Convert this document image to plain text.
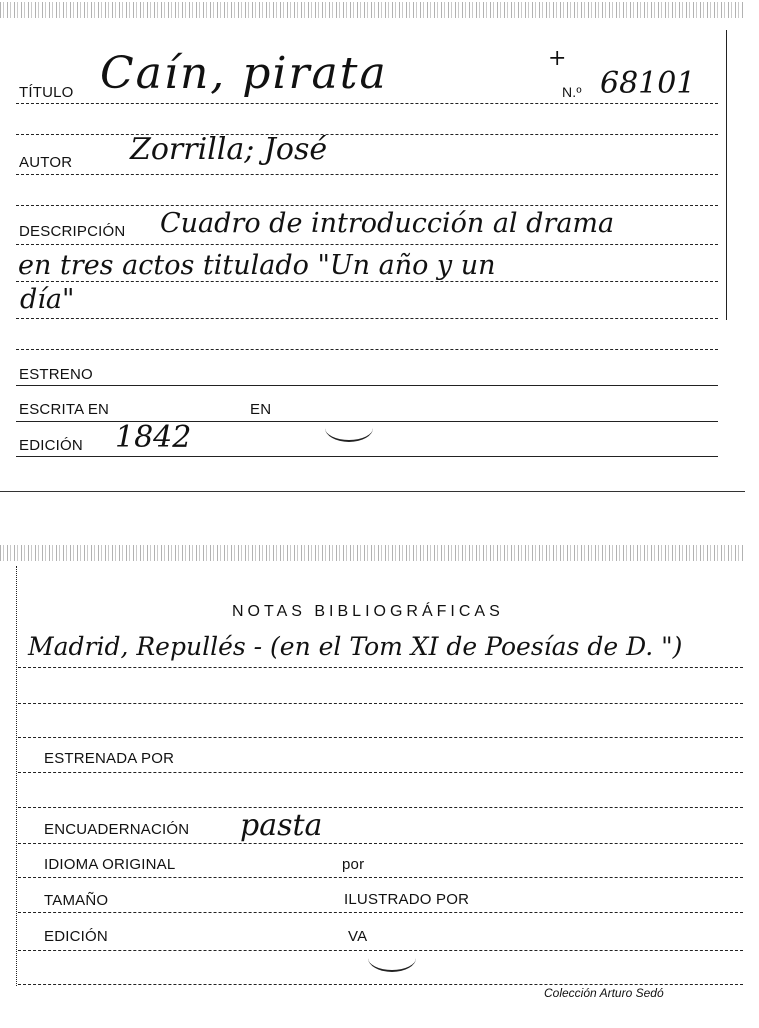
TÍTULO Caín, pirata	+
N.º 68101
AUTOR Zorrilla; José
DESCRIPCIÓN Cuadro de introducción al drama
en tres actos titulado "Un año y un
día"
ESTRENO
ESCRITA EN	EN
EDICIÓN 1842
NOTAS BIBLIOGRÁFICAS
Madrid, Repullés - (en el Tom XI de Poesías de D. ")
ESTRENADA POR
ENCUADERNACIÓN pasta
IDIOMA ORIGINAL	por
TAMAÑO	ILUSTRADO POR
EDICIÓN	VA
Colección Arturo Sedó
